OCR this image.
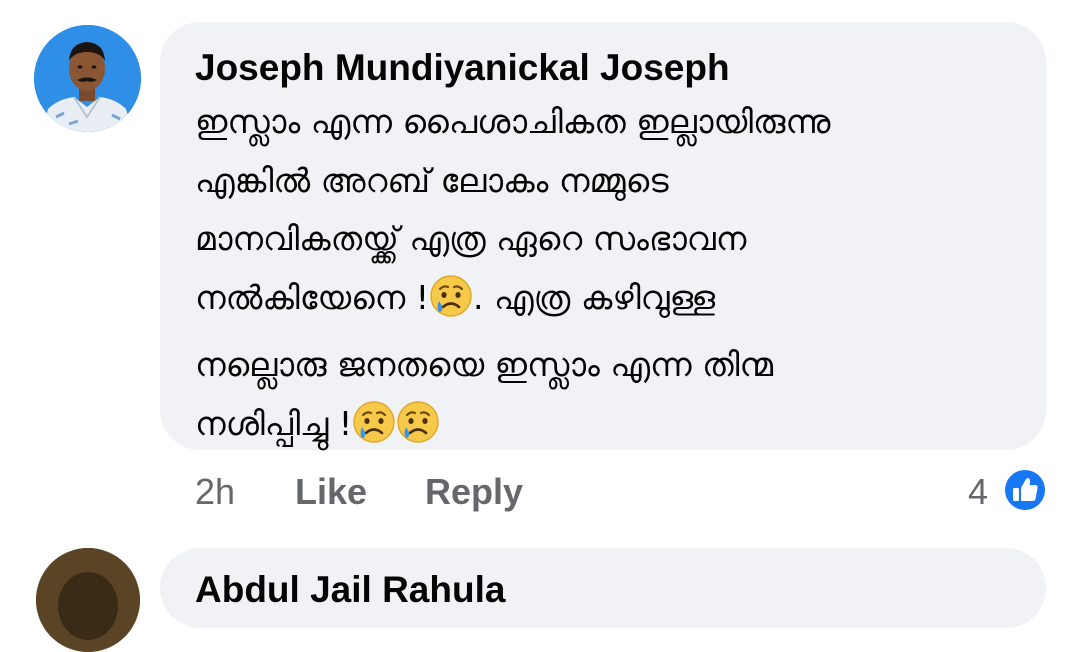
Joseph Mundiyanickal Joseph
ഇസ്ലാം എന്ന പൈശാചികത ഇല്ലായിരുന്നു
എങ്കിൽ അറബ് ലോകം നമ്മുടെ
മാനവികതയ്ക്ക് എത്ര ഏറെ സംഭാവന
നൽകിയേനെ ! . എത്ര കഴിവുള്ള
നല്ലൊരു ജനതയെ ഇസ്ലാം എന്ന തിന്മ
നശിപ്പിച്ചു !
2h Like Reply	4
Abdul Jail Rahula
